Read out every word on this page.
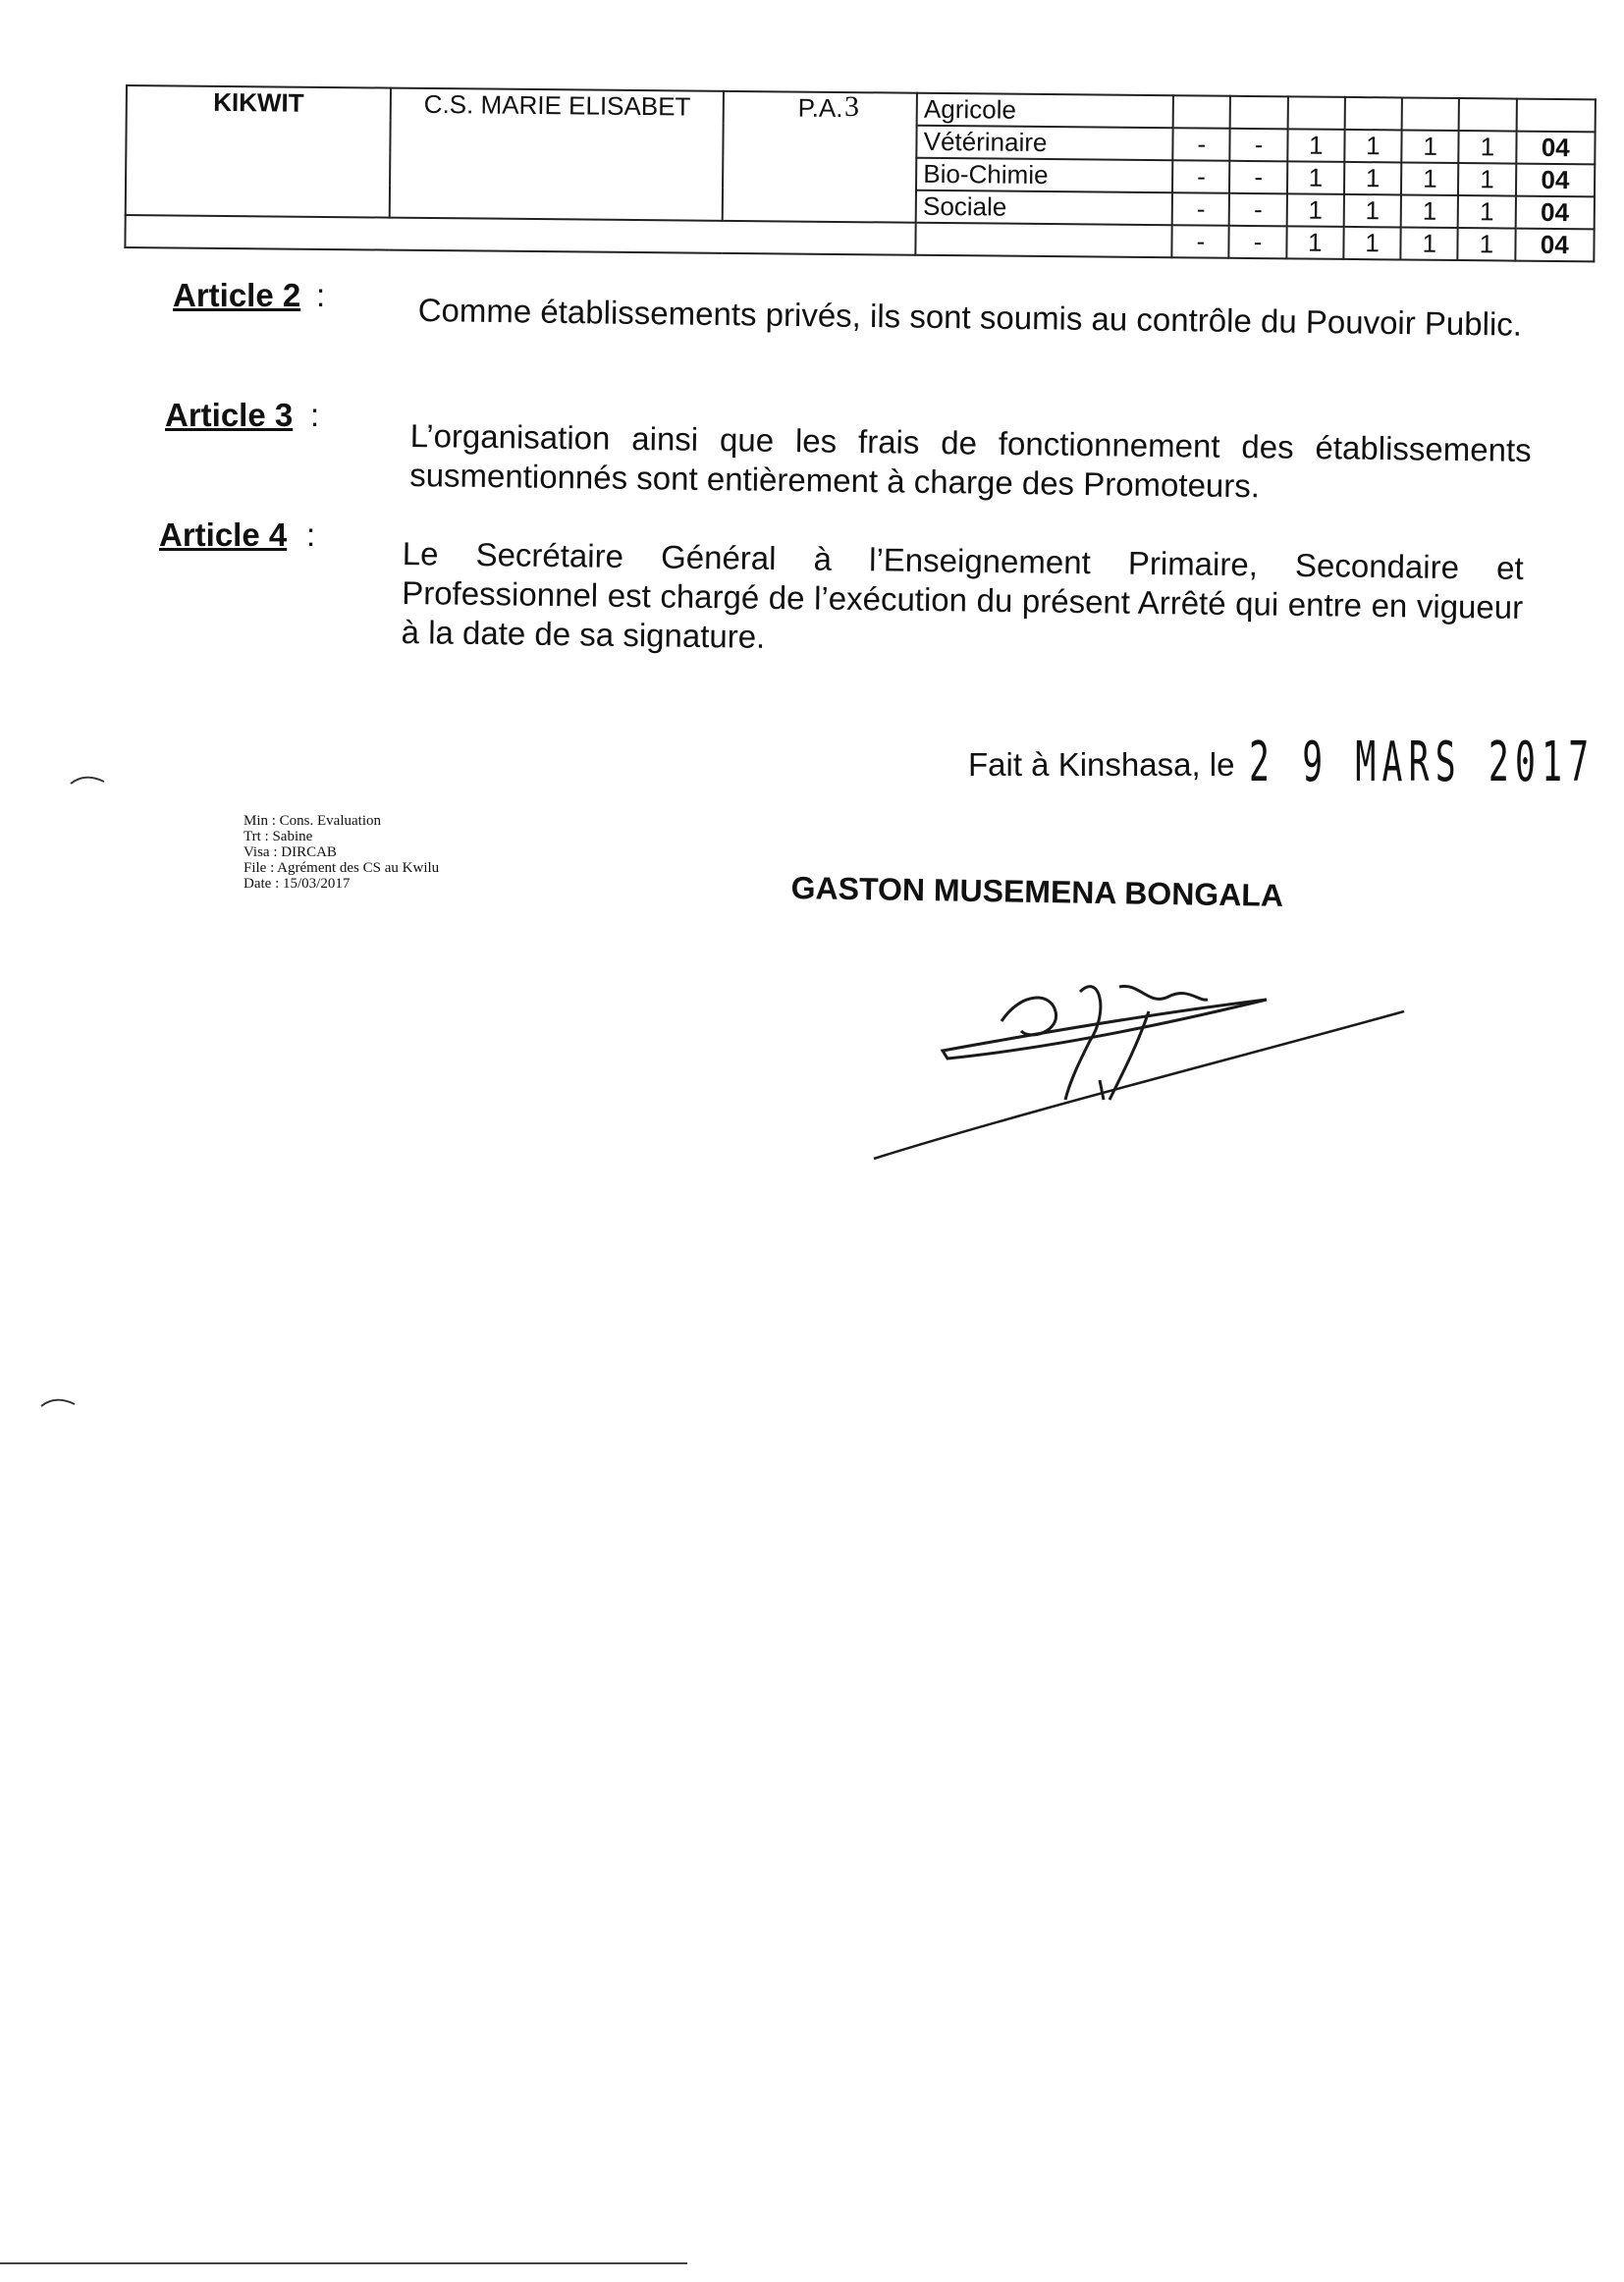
3
KIKWIT	C.S. MARIE ELISABET	P.A.	Agricole							
			Vétérinaire	-	-	1	1	1	1	04
			Bio-Chimie	-	-	1	1	1	1	04
			Sociale	-	-	1	1	1	1	04
				-	-	1	1	1	1	04
Article 2 :	Comme établissements privés, ils sont soumis au contrôle du Pouvoir Public.
Article 3 :
L’organisation ainsi que les frais de fonctionnement des établissements susmentionnés sont entièrement à charge des Promoteurs.
Article 4 :
Le Secrétaire Général à l’Enseignement Primaire, Secondaire et Professionnel est chargé de l’exécution du présent Arrêté qui entre en vigueur à la date de sa signature.
Fait à Kinshasa, le 2 9 MARS 2017
Min : Cons. Evaluation
Trt : Sabine
Visa : DIRCAB
File : Agrément des CS au Kwilu
Date : 15/03/2017	GASTON MUSEMENA BONGALA
